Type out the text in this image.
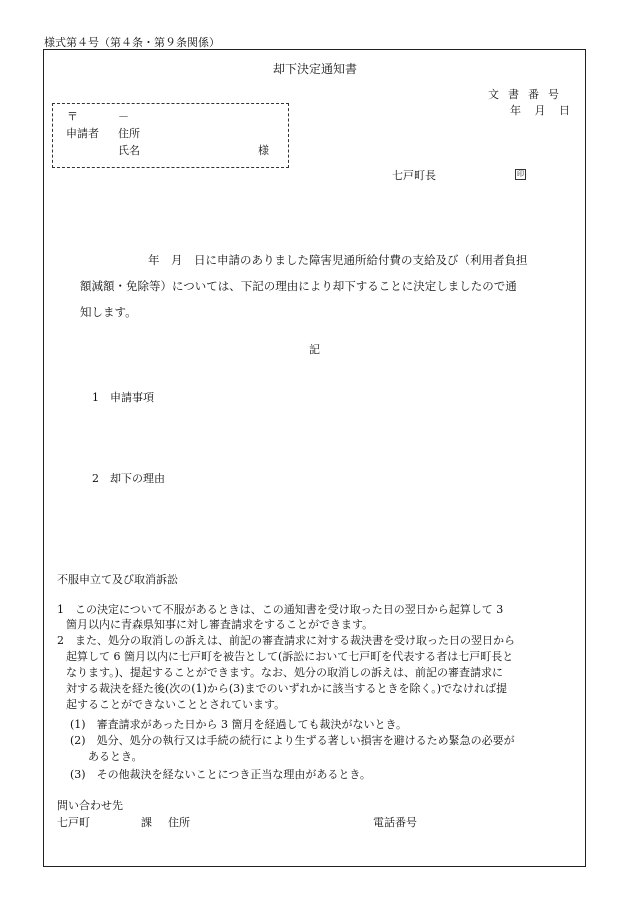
様式第４号（第４条・第９条関係）
却下決定通知書
文書番号
年 月 日
〒	－
申請者 住所
氏名	様
七戸町長	印
年　月　日に申請のありました障害児通所給付費の支給及び（利用者負担
額減額・免除等）については、下記の理由により却下することに決定しましたので通
知します。
記
1　申請事項
2　却下の理由
不服申立て及び取消訴訟
1　この決定について不服があるときは、この通知書を受け取った日の翌日から起算して 3
箇月以内に青森県知事に対し審査請求をすることができます。
2　また、処分の取消しの訴えは、前記の審査請求に対する裁決書を受け取った日の翌日から
起算して 6 箇月以内に七戸町を被告として(訴訟において七戸町を代表する者は七戸町長と
なります。)、提起することができます。なお、処分の取消しの訴えは、前記の審査請求に
対する裁決を経た後(次の(1)から(3)までのいずれかに該当するときを除く。)でなければ提
起することができないこととされています。
(1)　審査請求があった日から 3 箇月を経過しても裁決がないとき。
(2)　処分、処分の執行又は手続の続行により生ずる著しい損害を避けるため緊急の必要が
あるとき。
(3)　その他裁決を経ないことにつき正当な理由があるとき。
問い合わせ先
七戸町	課 住所	電話番号
